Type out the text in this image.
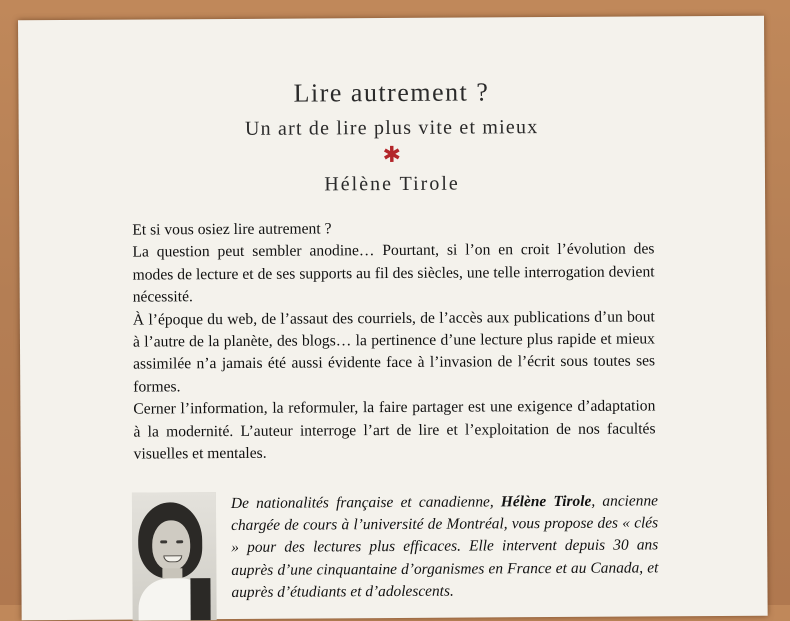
Lire autrement ?
Un art de lire plus vite et mieux
✱
Hélène Tirole

Et si vous osiez lire autrement ?

La question peut sembler anodine… Pourtant, si l’on en croit l’évolution des modes de lecture et de ses supports au fil des siècles, une telle interrogation devient nécessité.

À l’époque du web, de l’assaut des courriels, de l’accès aux publications d’un bout à l’autre de la planète, des blogs… la pertinence d’une lecture plus rapide et mieux assimilée n’a jamais été aussi évidente face à l’invasion de l’écrit sous toutes ses formes.

Cerner l’information, la reformuler, la faire partager est une exigence d’adaptation à la modernité. L’auteur interroge l’art de lire et l’exploitation de nos facultés visuelles et mentales.

De nationalités française et canadienne, Hélène Tirole, ancienne chargée de cours à l’université de Montréal, vous propose des « clés » pour des lectures plus efficaces. Elle intervent depuis 30 ans auprès d’une cinquantaine d’organismes en France et au Canada, et auprès d’étudiants et d’adolescents.
